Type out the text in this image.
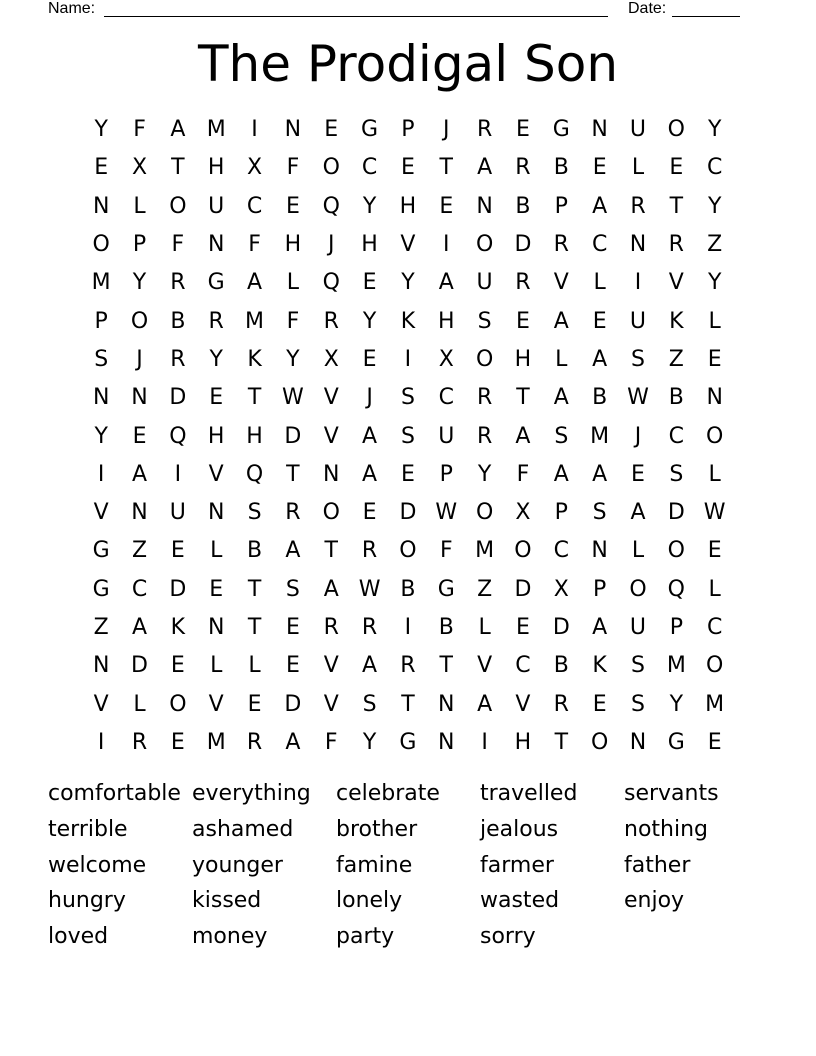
Name:	Date:
The Prodigal Son
Y	F	A M	I	N	E	G	P	J	R	E	G N	U O	Y
E	X	T	H	X	F	O	C	E	T	A	R	B	E	L	E	C
N	L	O U	C	E	Q	Y	H	E	N	B	P	A	R	T	Y
O	P	F	N	F	H	J	H	V	I	O D	R	C	N	R	Z
M	Y	R	G	A	L	Q	E	Y	A	U	R	V	L	I	V	Y
P	O	B	R M	F	R	Y	K	H	S	E	A	E	U	K	L
S	J	R	Y	K	Y	X	E	I	X	O H	L	A	S	Z	E
N N D	E	T W V	J	S	C	R	T	A	B W B	N
Y	E	Q H H D	V	A	S	U	R	A	S M	J	C O
I	A	I	V	Q	T	N	A	E	P	Y	F	A	A	E	S	L
V	N	U	N	S	R	O	E	D W O	X	P	S	A	D W
G	Z	E	L	B	A	T	R	O	F	M O	C	N	L	O	E
G	C	D	E	T	S	A W B	G	Z	D	X	P	O Q	L
Z	A	K	N	T	E	R	R	I	B	L	E	D	A	U	P	C
N D	E	L	L	E	V	A	R	T	V	C	B	K	S M O
V	L	O	V	E	D	V	S	T	N	A	V	R	E	S	Y	M
I	R	E M R	A	F	Y	G N	I	H	T	O N G	E
comfortable everything	celebrate	travelled	servants
terrible	ashamed	brother	jealous	nothing
welcome	younger	famine	farmer	father
hungry	kissed	lonely	wasted	enjoy
loved	money	party	sorry
